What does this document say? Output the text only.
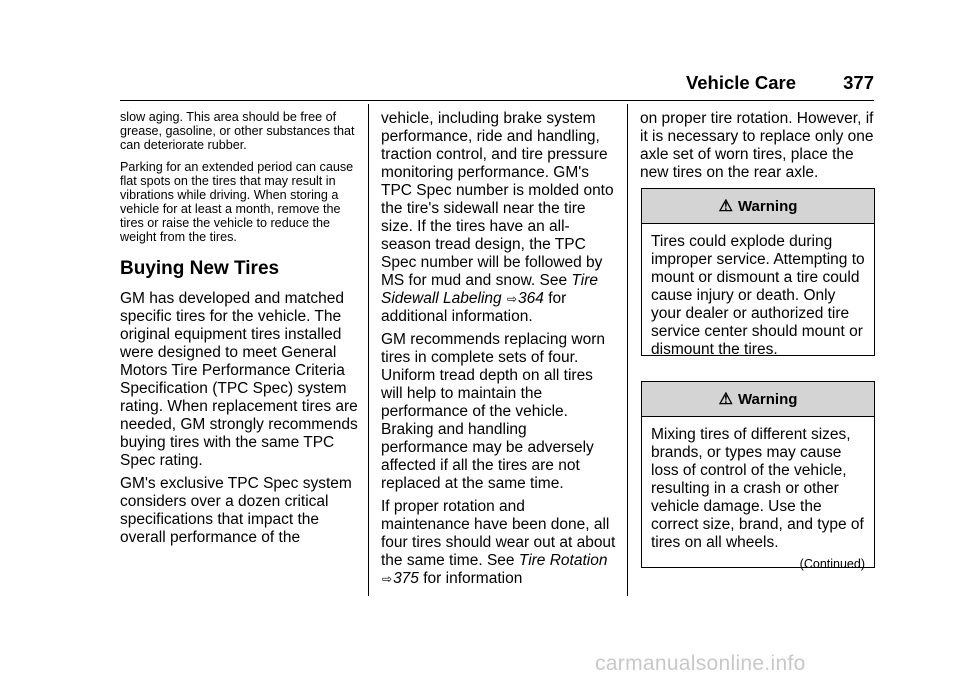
Vehicle Care	377

slow aging. This area should be free of grease, gasoline, or other substances that can deteriorate rubber.

Parking for an extended period can cause flat spots on the tires that may result in vibrations while driving. When storing a vehicle for at least a month, remove the tires or raise the vehicle to reduce the weight from the tires.

Buying New Tires

GM has developed and matched specific tires for the vehicle. The original equipment tires installed were designed to meet General Motors Tire Performance Criteria Specification (TPC Spec) system rating. When replacement tires are needed, GM strongly recommends buying tires with the same TPC Spec rating.

GM's exclusive TPC Spec system considers over a dozen critical specifications that impact the overall performance of the

vehicle, including brake system performance, ride and handling, traction control, and tire pressure monitoring performance. GM's TPC Spec number is molded onto the tire's sidewall near the tire size. If the tires have an all-season tread design, the TPC Spec number will be followed by MS for mud and snow. See Tire Sidewall Labeling ⇨364 for additional information.

GM recommends replacing worn tires in complete sets of four. Uniform tread depth on all tires will help to maintain the performance of the vehicle. Braking and handling performance may be adversely affected if all the tires are not replaced at the same time.

If proper rotation and maintenance have been done, all four tires should wear out at about the same time. See Tire Rotation ⇨375 for information

on proper tire rotation. However, if it is necessary to replace only one axle set of worn tires, place the new tires on the rear axle.

⚠ Warning
Tires could explode during improper service. Attempting to mount or dismount a tire could cause injury or death. Only your dealer or authorized tire service center should mount or dismount the tires.
⚠ Warning
Mixing tires of different sizes, brands, or types may cause loss of control of the vehicle, resulting in a crash or other vehicle damage. Use the correct size, brand, and type of tires on all wheels.
(Continued)
carmanualsonline.info
